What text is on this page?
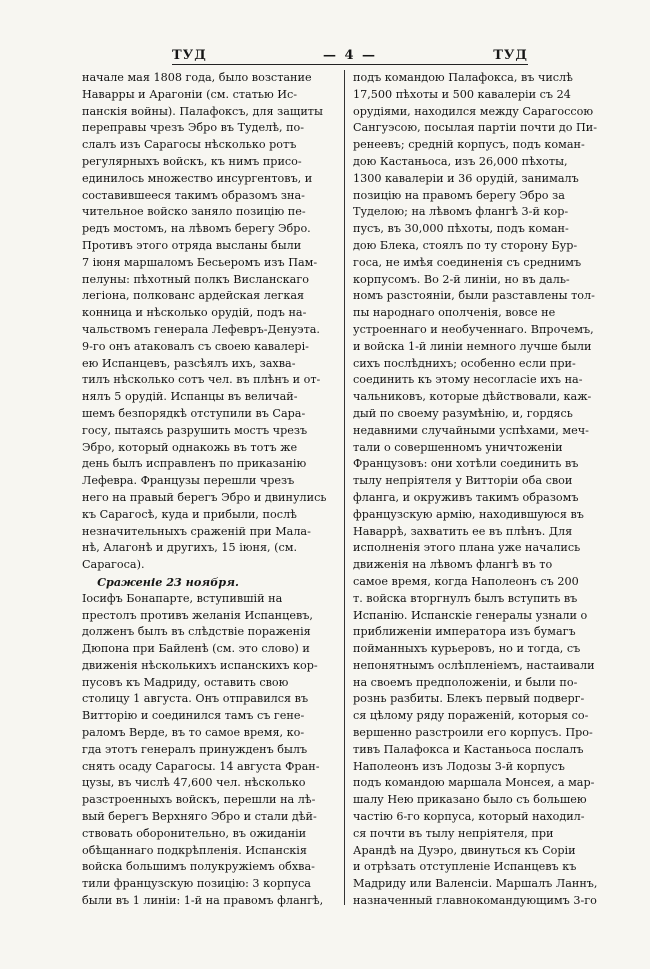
ТУД	— 4 —	ТУД
начале мая 1808 года, было возстание
Наварры и Арагоніи (см. статью Ис-
панскія войны). Палафоксъ, для защиты
переправы чрезъ Эбро въ Туделѣ, по-
слалъ изъ Сарагосы нѣсколько ротъ
регулярныхъ войскъ, къ нимъ присо-
единилось множество инсургентовъ, и
составившееся такимъ образомъ зна-
чительное войско заняло позицію пе-
редъ мостомъ, на лѣвомъ берегу Эбро.
Противъ этого отряда высланы были
7 іюня маршаломъ Бесьеромъ изъ Пам-
пелуны: пѣхотный полкъ Висланскаго
легіона, полкованс ардейская легкая
конница и нѣсколько орудій, подъ на-
чальствомъ генерала Лефевръ-Денуэта.
9-го онъ атаковалъ съ своею кавалері-
ею Испанцевъ, разсѣялъ ихъ, захва-
тилъ нѣсколько сотъ чел. въ плѣнъ и от-
нялъ 5 орудій. Испанцы въ величай-
шемъ безпорядкѣ отступили въ Сара-
госу, пытаясь разрушить мостъ чрезъ
Эбро, который однакожь въ тотъ же
день былъ исправленъ по приказанію
Лефевра. Французы перешли чрезъ
него на правый берегъ Эбро и двинулись
къ Сарагосѣ, куда и прибыли, послѣ
незначительныхъ сраженій при Мала-
нѣ, Алагонѣ и другихъ, 15 іюня, (см.
Сарагоса).
Сраженіе 23 ноября.
Іосифъ Бонапарте, вступившій на
престолъ противъ желанія Испанцевъ,
долженъ былъ въ слѣдствіе пораженія
Дюпона при Байленѣ (см. это слово) и
движенія нѣсколькихъ испанскихъ кор-
пусовъ къ Мадриду, оставить свою
столицу 1 августа. Онъ отправился въ
Витторію и соединился тамъ съ гене-
раломъ Верде, въ то самое время, ко-
гда этотъ генералъ принужденъ былъ
снять осаду Сарагосы. 14 августа Фран-
цузы, въ числѣ 47,600 чел. нѣсколько
разстроенныхъ войскъ, перешли на лѣ-
вый берегъ Верхняго Эбро и стали дѣй-
ствовать оборонительно, въ ожиданіи
обѣщаннаго подкрѣпленія. Испанскія
войска большимъ полукружіемъ обхва-
тили французскую позицію: 3 корпуса
были въ 1 линіи: 1-й на правомъ флангѣ,
подъ командою Палафокса, въ числѣ
17,500 пѣхоты и 500 кавалеріи съ 24
орудіями, находился между Сарагоссою
Сангуэсою, посылая партіи почти до Пи-
ренеевъ; средній корпусъ, подъ коман-
дою Кастаньоса, изъ 26,000 пѣхоты,
1300 кавалеріи и 36 орудій, занималъ
позицію на правомъ берегу Эбро за
Туделою; на лѣвомъ флангѣ 3-й кор-
пусъ, въ 30,000 пѣхоты, подъ коман-
дою Блека, стоялъ по ту сторону Бур-
госа, не имѣя соединенія съ среднимъ
корпусомъ. Во 2-й линіи, но въ даль-
номъ разстояніи, были разставлены тол-
пы народнаго ополченія, вовсе не
устроеннаго и необученнаго. Впрочемъ,
и войска 1-й линіи немного лучше были
сихъ послѣднихъ; особенно если при-
соединить къ этому несогласіе ихъ на-
чальниковъ, которые дѣйствовали, каж-
дый по своему разумѣнію, и, гордясь
недавними случайными успѣхами, меч-
тали о совершенномъ уничтоженіи
Французовъ: они хотѣли соединить въ
тылу непріятеля у Витторіи оба свои
фланга, и окруживъ такимъ образомъ
французскую армію, находившуюся въ
Наваррѣ, захватить ее въ плѣнъ. Для
исполненія этого плана уже начались
движенія на лѣвомъ флангѣ въ то
самое время, когда Наполеонъ съ 200
т. войска вторгнулъ былъ вступить въ
Испанію. Испанскіе генералы узнали о
приближеніи императора изъ бумагъ
пойманныхъ курьеровъ, но и тогда, съ
непонятнымъ ослѣпленіемъ, настаивали
на своемъ предположеніи, и были по-
рознь разбиты. Блекъ первый подверг-
ся цѣлому ряду пораженій, которыя со-
вершенно разстроили его корпусъ. Про-
тивъ Палафокса и Кастаньоса послалъ
Наполеонъ изъ Лодозы 3-й корпусъ
подъ командою маршала Монсея, а мар-
шалу Нею приказано было съ большею
частію 6-го корпуса, который находил-
ся почти въ тылу непріятеля, при
Арандѣ на Дуэро, двинуться къ Соріи
и отрѣзать отступленіе Испанцевъ къ
Мадриду или Валенсіи. Маршалъ Ланнъ,
назначенный главнокомандующимъ 3-го
